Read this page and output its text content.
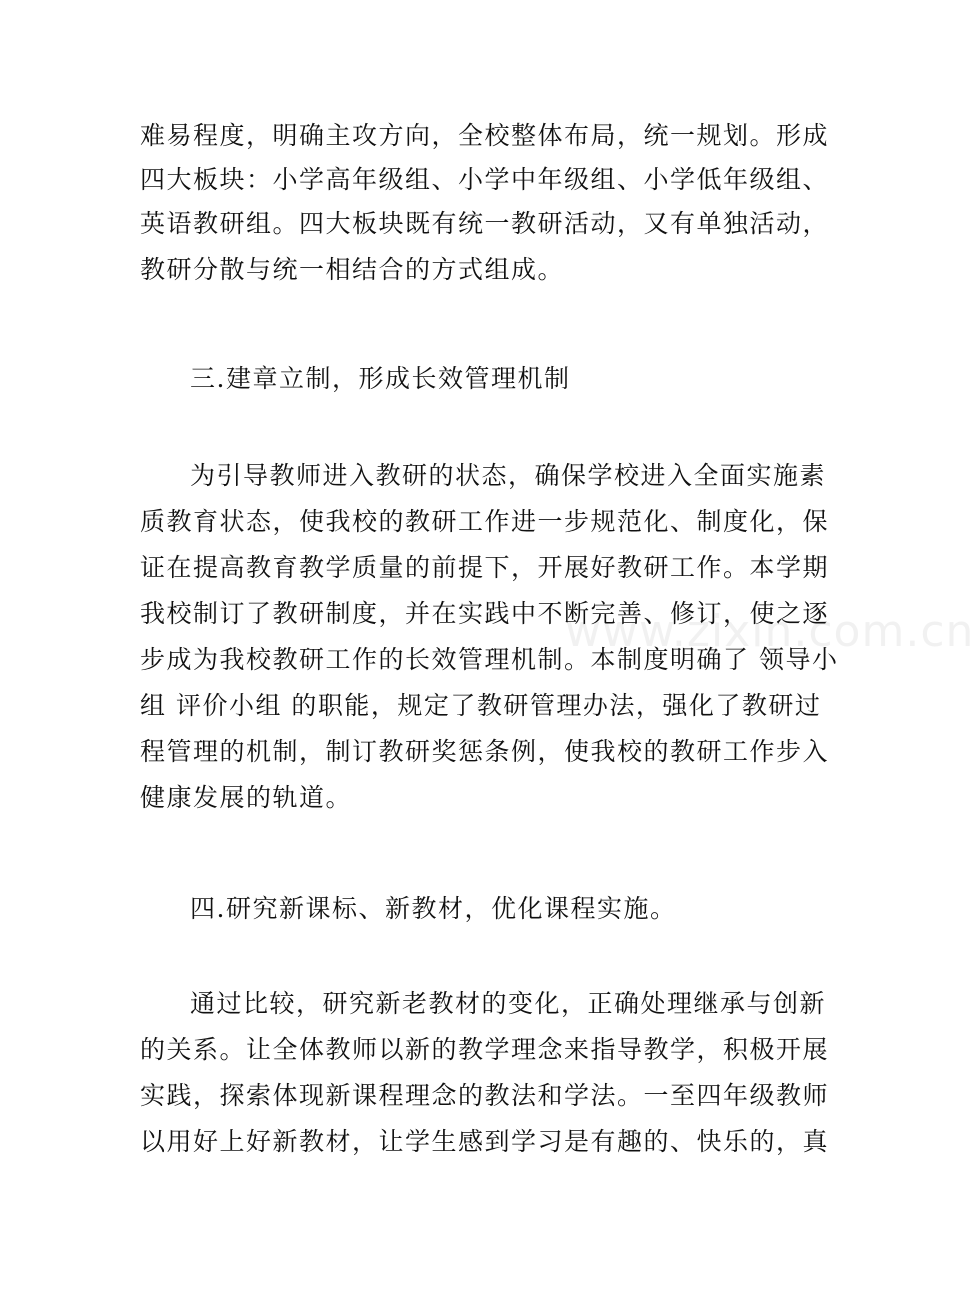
www.zixin.com.cn
难易程度，明确主攻方向，全校整体布局，统一规划。形成
四大板块：小学高年级组、小学中年级组、小学低年级组、
英语教研组。四大板块既有统一教研活动，又有单独活动，
教研分散与统一相结合的方式组成。
三.建章立制，形成长效管理机制
为引导教师进入教研的状态，确保学校进入全面实施素
质教育状态，使我校的教研工作进一步规范化、制度化，保
证在提高教育教学质量的前提下，开展好教研工作。本学期
我校制订了教研制度，并在实践中不断完善、修订，使之逐
步成为我校教研工作的长效管理机制。本制度明确了 领导小
组 评价小组 的职能，规定了教研管理办法，强化了教研过
程管理的机制，制订教研奖惩条例，使我校的教研工作步入
健康发展的轨道。
四.研究新课标、新教材，优化课程实施。
通过比较，研究新老教材的变化，正确处理继承与创新
的关系。让全体教师以新的教学理念来指导教学，积极开展
实践，探索体现新课程理念的教法和学法。一至四年级教师
以用好上好新教材，让学生感到学习是有趣的、快乐的，真
